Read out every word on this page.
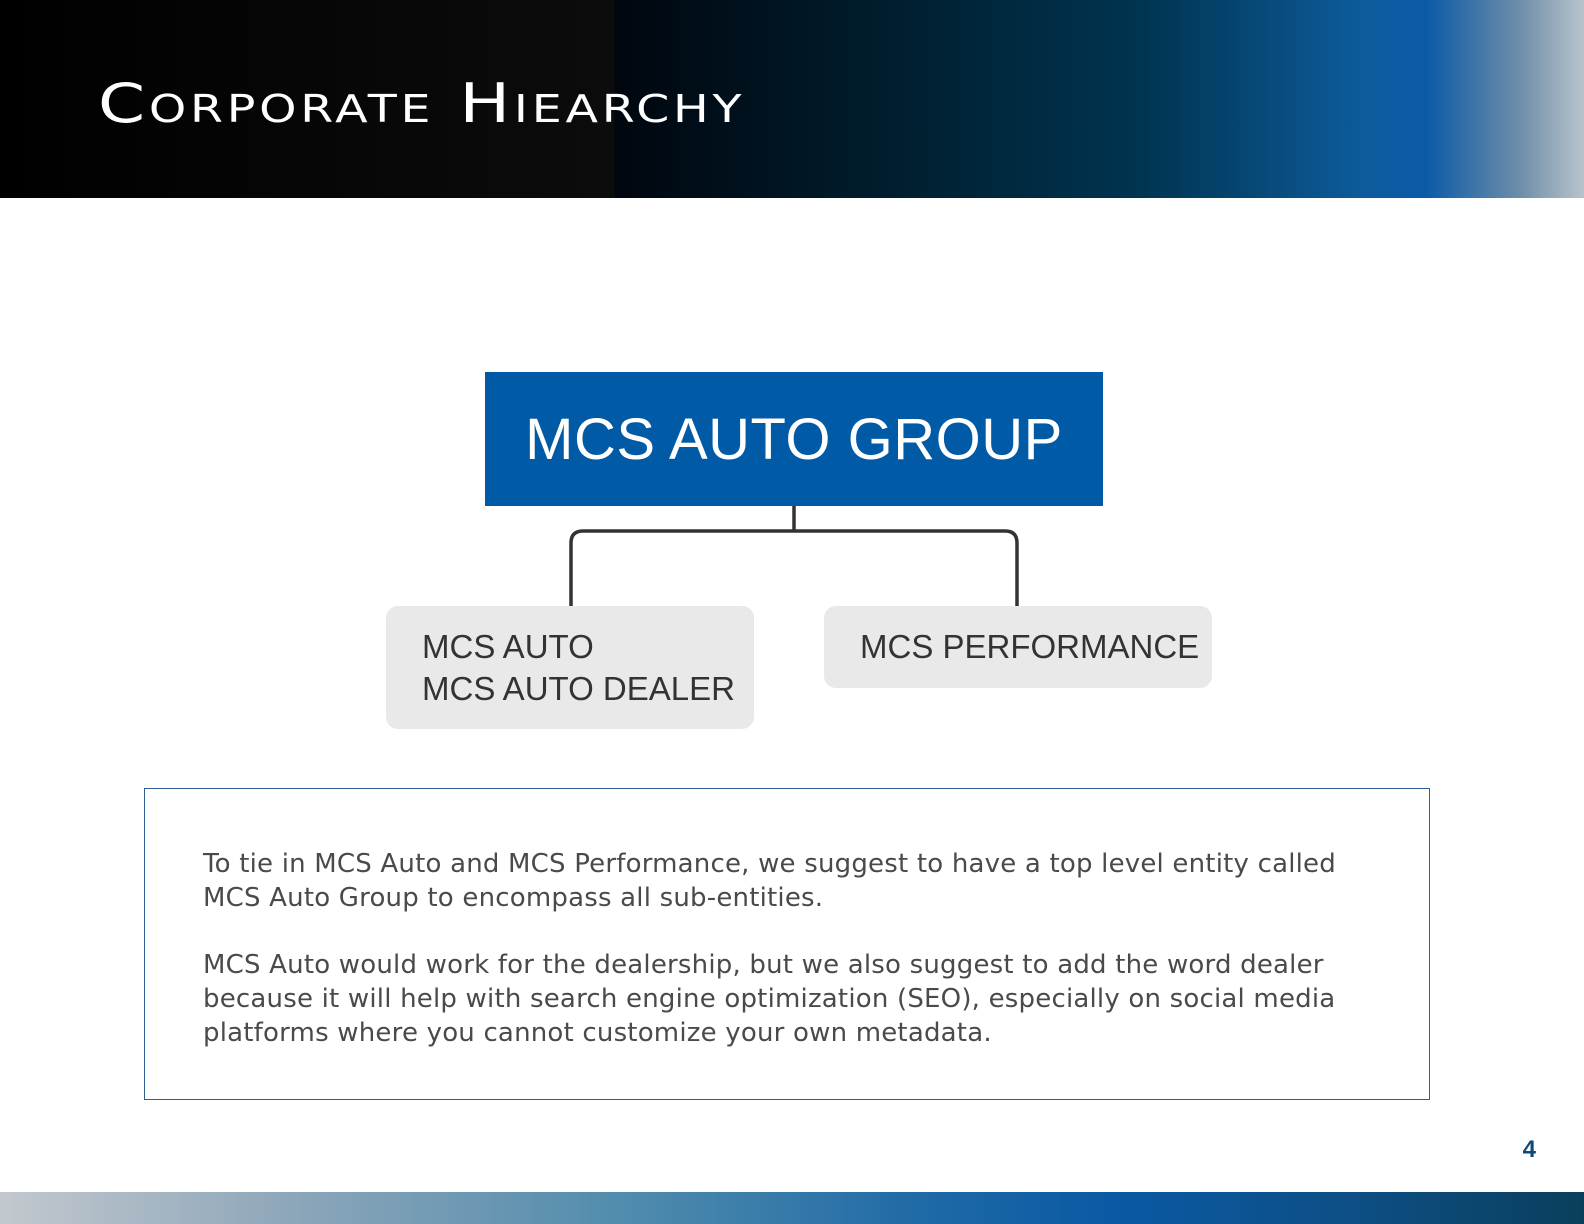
Corporate Hiearchy
MCS AUTO GROUP
MCS AUTO
MCS AUTO DEALER
MCS PERFORMANCE

To tie in MCS Auto and MCS Performance, we suggest to have a top level entity called MCS Auto Group to encompass all sub-entities.

MCS Auto would work for the dealership, but we also suggest to add the word dealer because it will help with search engine optimization (SEO), especially on social media platforms where you cannot customize your own metadata.

4
